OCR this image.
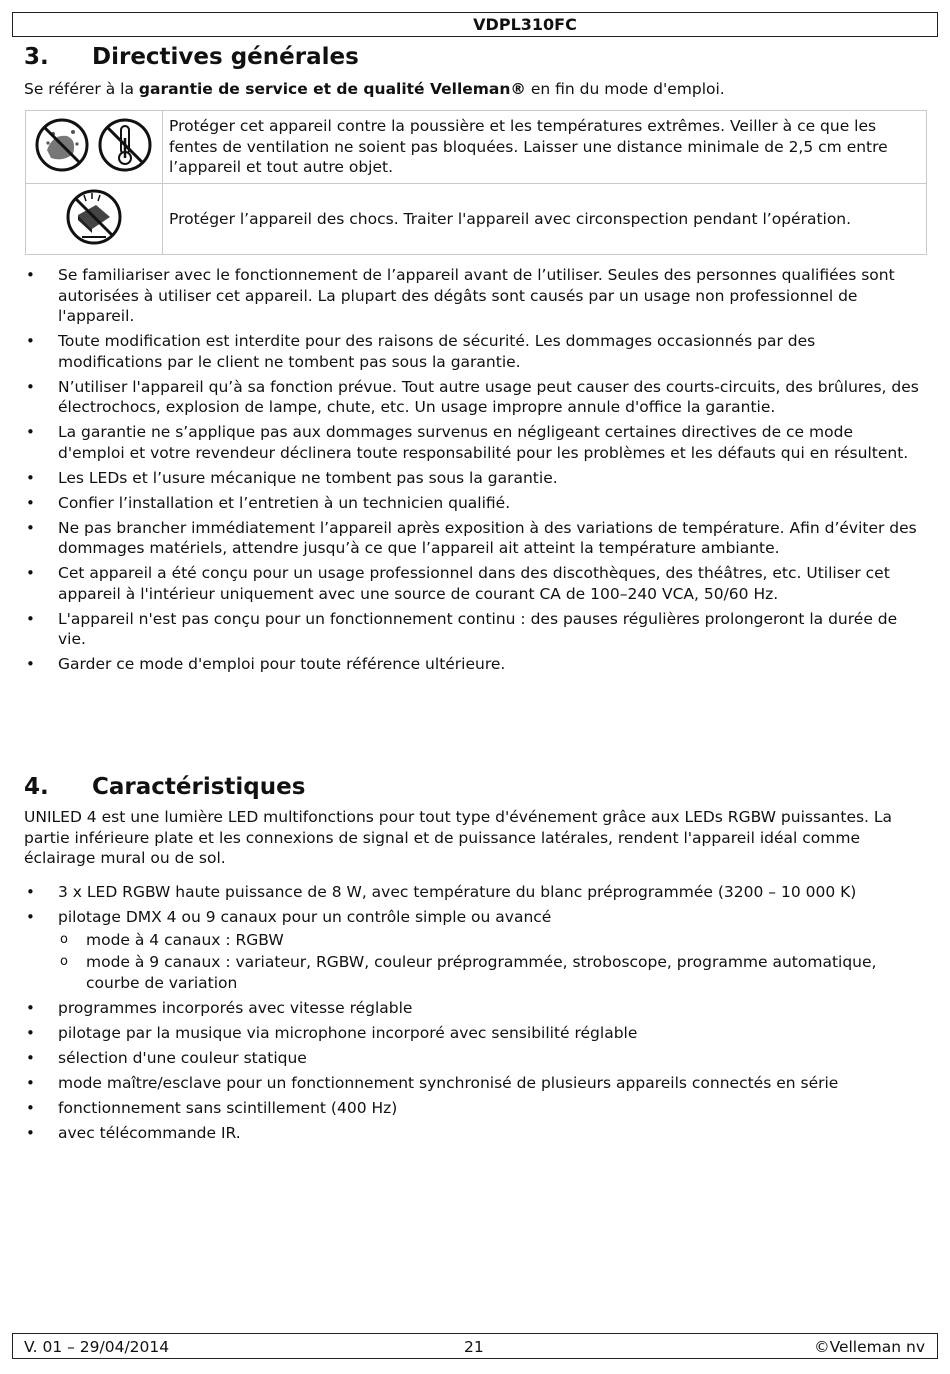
VDPL310FC
3. Directives générales

Se référer à la garantie de service et de qualité Velleman® en fin du mode d'emploi.

	Protéger cet appareil contre la poussière et les températures extrêmes. Veiller à ce que les fentes de ventilation ne soient pas bloquées. Laisser une distance minimale de 2,5 cm entre l’appareil et tout autre objet.
	Protéger l’appareil des chocs. Traiter l'appareil avec circonspection pendant l’opération.
• Se familiariser avec le fonctionnement de l’appareil avant de l’utiliser. Seules des personnes qualifiées sont autorisées à utiliser cet appareil. La plupart des dégâts sont causés par un usage non professionnel de l'appareil.
• Toute modification est interdite pour des raisons de sécurité. Les dommages occasionnés par des modifications par le client ne tombent pas sous la garantie.
• N’utiliser l'appareil qu’à sa fonction prévue. Tout autre usage peut causer des courts-circuits, des brûlures, des électrochocs, explosion de lampe, chute, etc. Un usage impropre annule d'office la garantie.
• La garantie ne s’applique pas aux dommages survenus en négligeant certaines directives de ce mode d'emploi et votre revendeur déclinera toute responsabilité pour les problèmes et les défauts qui en résultent.
• Les LEDs et l’usure mécanique ne tombent pas sous la garantie.
• Confier l’installation et l’entretien à un technicien qualifié.
• Ne pas brancher immédiatement l’appareil après exposition à des variations de température. Afin d’éviter des dommages matériels, attendre jusqu’à ce que l’appareil ait atteint la température ambiante.
• Cet appareil a été conçu pour un usage professionnel dans des discothèques, des théâtres, etc. Utiliser cet appareil à l'intérieur uniquement avec une source de courant CA de 100–240 VCA, 50/60 Hz.
• L'appareil n'est pas conçu pour un fonctionnement continu : des pauses régulières prolongeront la durée de vie.
• Garder ce mode d'emploi pour toute référence ultérieure.
4. Caractéristiques

UNILED 4 est une lumière LED multifonctions pour tout type d'événement grâce aux LEDs RGBW puissantes. La partie inférieure plate et les connexions de signal et de puissance latérales, rendent l'appareil idéal comme éclairage mural ou de sol.

• 3 x LED RGBW haute puissance de 8 W, avec température du blanc préprogrammée (3200 – 10 000 K)
• pilotage DMX 4 ou 9 canaux pour un contrôle simple ou avancé
o mode à 4 canaux : RGBW
o mode à 9 canaux : variateur, RGBW, couleur préprogrammée, stroboscope, programme automatique, courbe de variation
• programmes incorporés avec vitesse réglable
• pilotage par la musique via microphone incorporé avec sensibilité réglable
• sélection d'une couleur statique
• mode maître/esclave pour un fonctionnement synchronisé de plusieurs appareils connectés en série
• fonctionnement sans scintillement (400 Hz)
• avec télécommande IR.
V. 01 – 29/04/2014	21	©Velleman nv
